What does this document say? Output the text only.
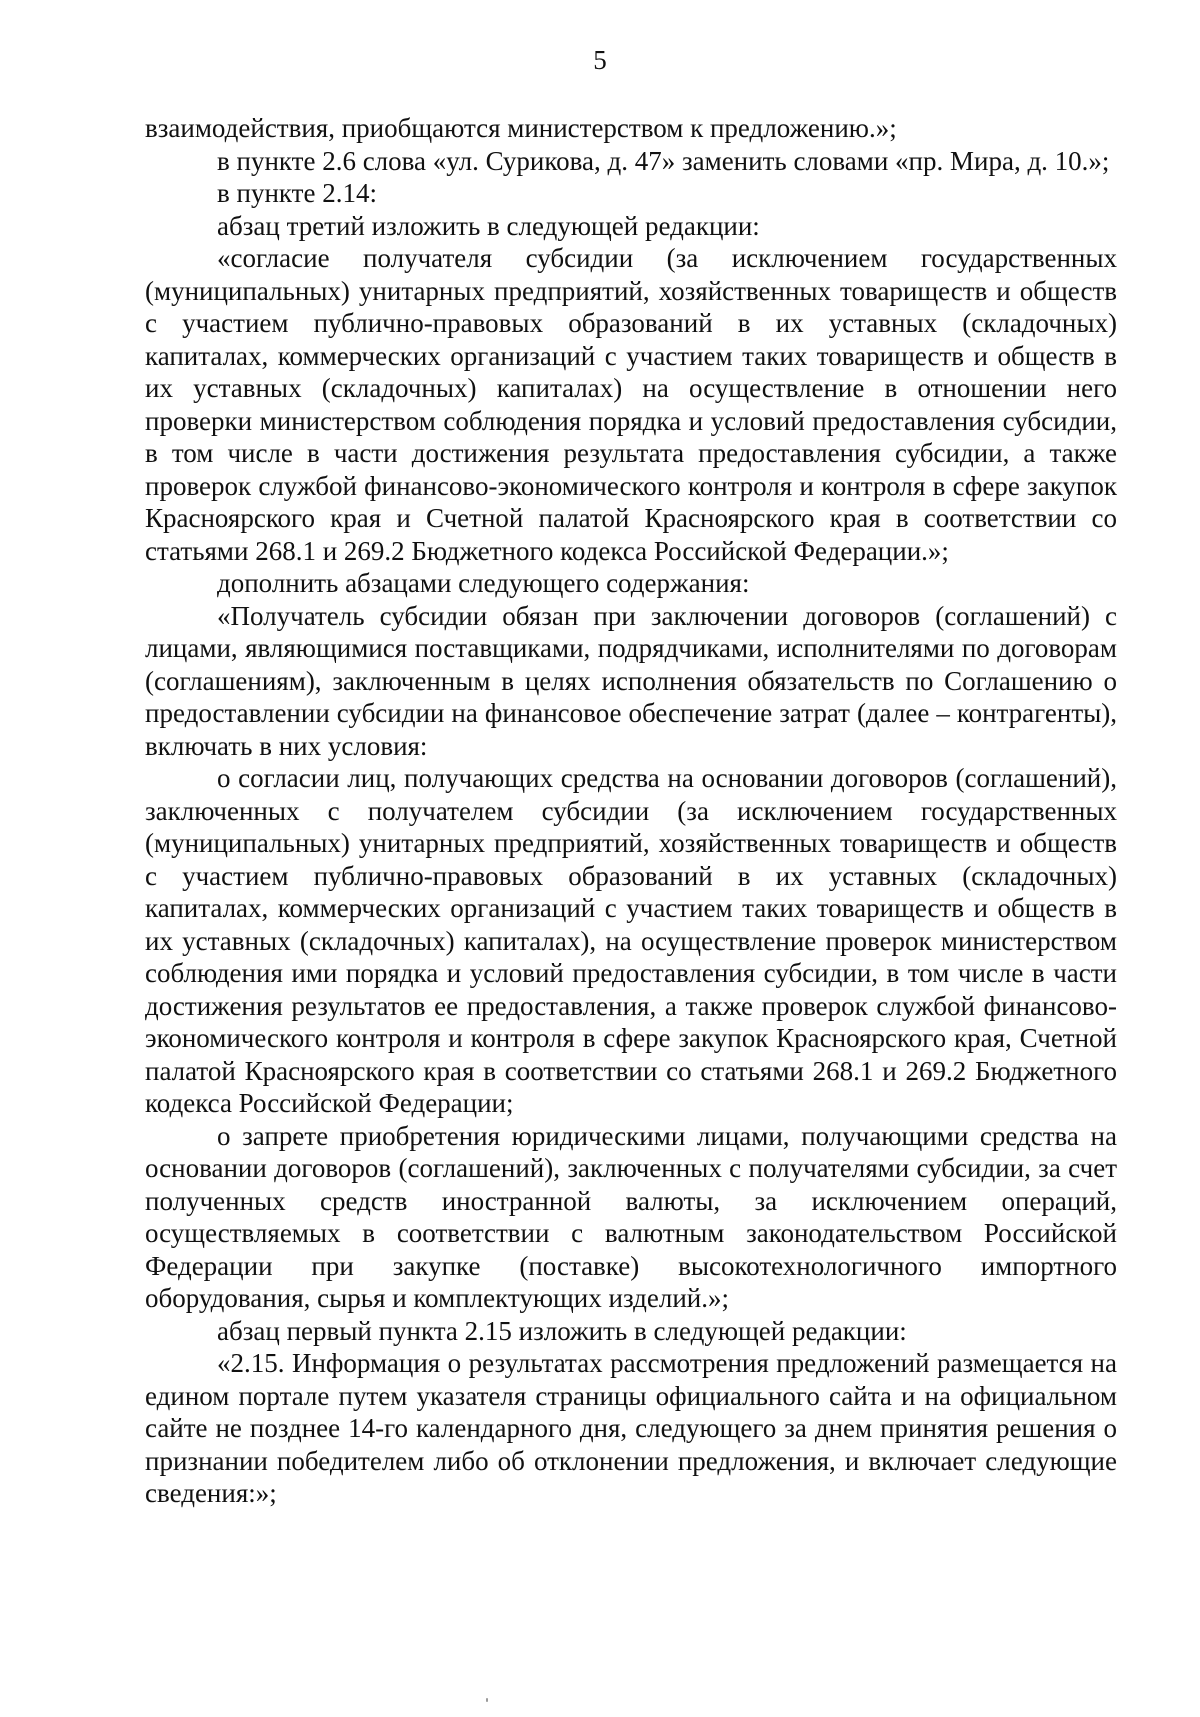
5

взаимодействия, приобщаются министерством к предложению.»;

в пункте 2.6 слова «ул. Сурикова, д. 47» заменить словами «пр. Мира, д. 10.»;

в пункте 2.14:

абзац третий изложить в следующей редакции:

«согласие получателя субсидии (за исключением государственных (муниципальных) унитарных предприятий, хозяйственных товариществ и обществ с участием публично-правовых образований в их уставных (складочных) капиталах, коммерческих организаций с участием таких товариществ и обществ в их уставных (складочных) капиталах) на осуществление в отношении него проверки министерством соблюдения порядка и условий предоставления субсидии, в том числе в части достижения результата предоставления субсидии, а также проверок службой финансово-экономического контроля и контроля в сфере закупок Красноярского края и Счетной палатой Красноярского края в соответствии со статьями 268.1 и 269.2 Бюджетного кодекса Российской Федерации.»;

дополнить абзацами следующего содержания:

«Получатель субсидии обязан при заключении договоров (соглашений) с лицами, являющимися поставщиками, подрядчиками, исполнителями по договорам (соглашениям), заключенным в целях исполнения обязательств по Соглашению о предоставлении субсидии на финансовое обеспечение затрат (далее – контрагенты), включать в них условия:

о согласии лиц, получающих средства на основании договоров (соглашений), заключенных с получателем субсидии (за исключением государственных (муниципальных) унитарных предприятий, хозяйственных товариществ и обществ с участием публично-правовых образований в их уставных (складочных) капиталах, коммерческих организаций с участием таких товариществ и обществ в их уставных (складочных) капиталах), на осуществление проверок министерством соблюдения ими порядка и условий предоставления субсидии, в том числе в части достижения результатов ее предоставления, а также проверок службой финансово-экономического контроля и контроля в сфере закупок Красноярского края, Счетной палатой Красноярского края в соответствии со статьями 268.1 и 269.2 Бюджетного кодекса Российской Федерации;

о запрете приобретения юридическими лицами, получающими средства на основании договоров (соглашений), заключенных с получателями субсидии, за счет полученных средств иностранной валюты, за исключением операций, осуществляемых в соответствии с валютным законодательством Российской Федерации при закупке (поставке) высокотехнологичного импортного оборудования, сырья и комплектующих изделий.»;

абзац первый пункта 2.15 изложить в следующей редакции:

«2.15. Информация о результатах рассмотрения предложений размещается на едином портале путем указателя страницы официального сайта и на официальном сайте не позднее 14-го календарного дня, следующего за днем принятия решения о признании победителем либо об отклонении предложения, и включает следующие сведения:»;
